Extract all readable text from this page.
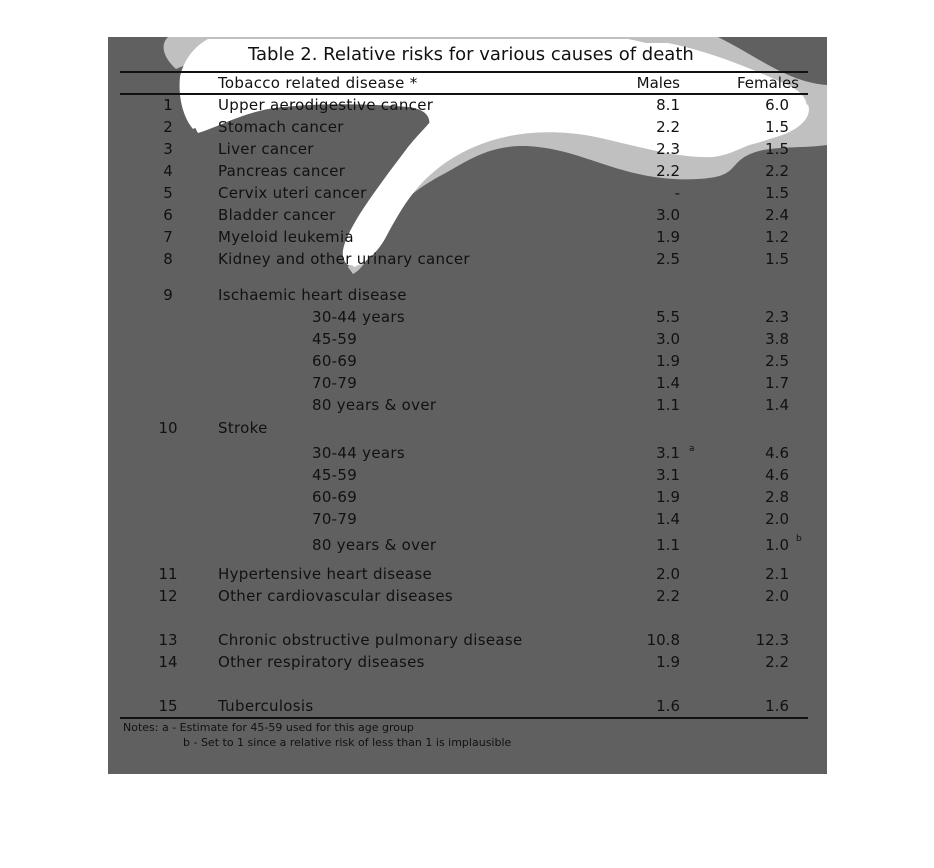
Table 2. Relative risks for various causes of death
Tobacco related disease *	Males	Females
1	Upper aerodigestive cancer	8.1	6.0
2	Stomach cancer	2.2	1.5
3	Liver cancer	2.3	1.5
4	Pancreas cancer	2.2	2.2
5	Cervix uteri cancer	-	1.5
6	Bladder cancer	3.0	2.4
7	Myeloid leukemia	1.9	1.2
8	Kidney and other urinary cancer	2.5	1.5
9	Ischaemic heart disease
30-44 years	5.5	2.3
45-59	3.0	3.8
60-69	1.9	2.5
70-79	1.4	1.7
80 years & over	1.1	1.4
10	Stroke
30-44 years	3.1	4.6
45-59	3.1	4.6
60-69	1.9	2.8
70-79	1.4	2.0
80 years & over	1.1	1.0
a
b
11	Hypertensive heart disease	2.0	2.1
12	Other cardiovascular diseases	2.2	2.0
13	Chronic obstructive pulmonary disease	10.8	12.3
14	Other respiratory diseases	1.9	2.2
15	Tuberculosis	1.6	1.6
Notes: a - Estimate for 45-59 used for this age group
b - Set to 1 since a relative risk of less than 1 is implausible
